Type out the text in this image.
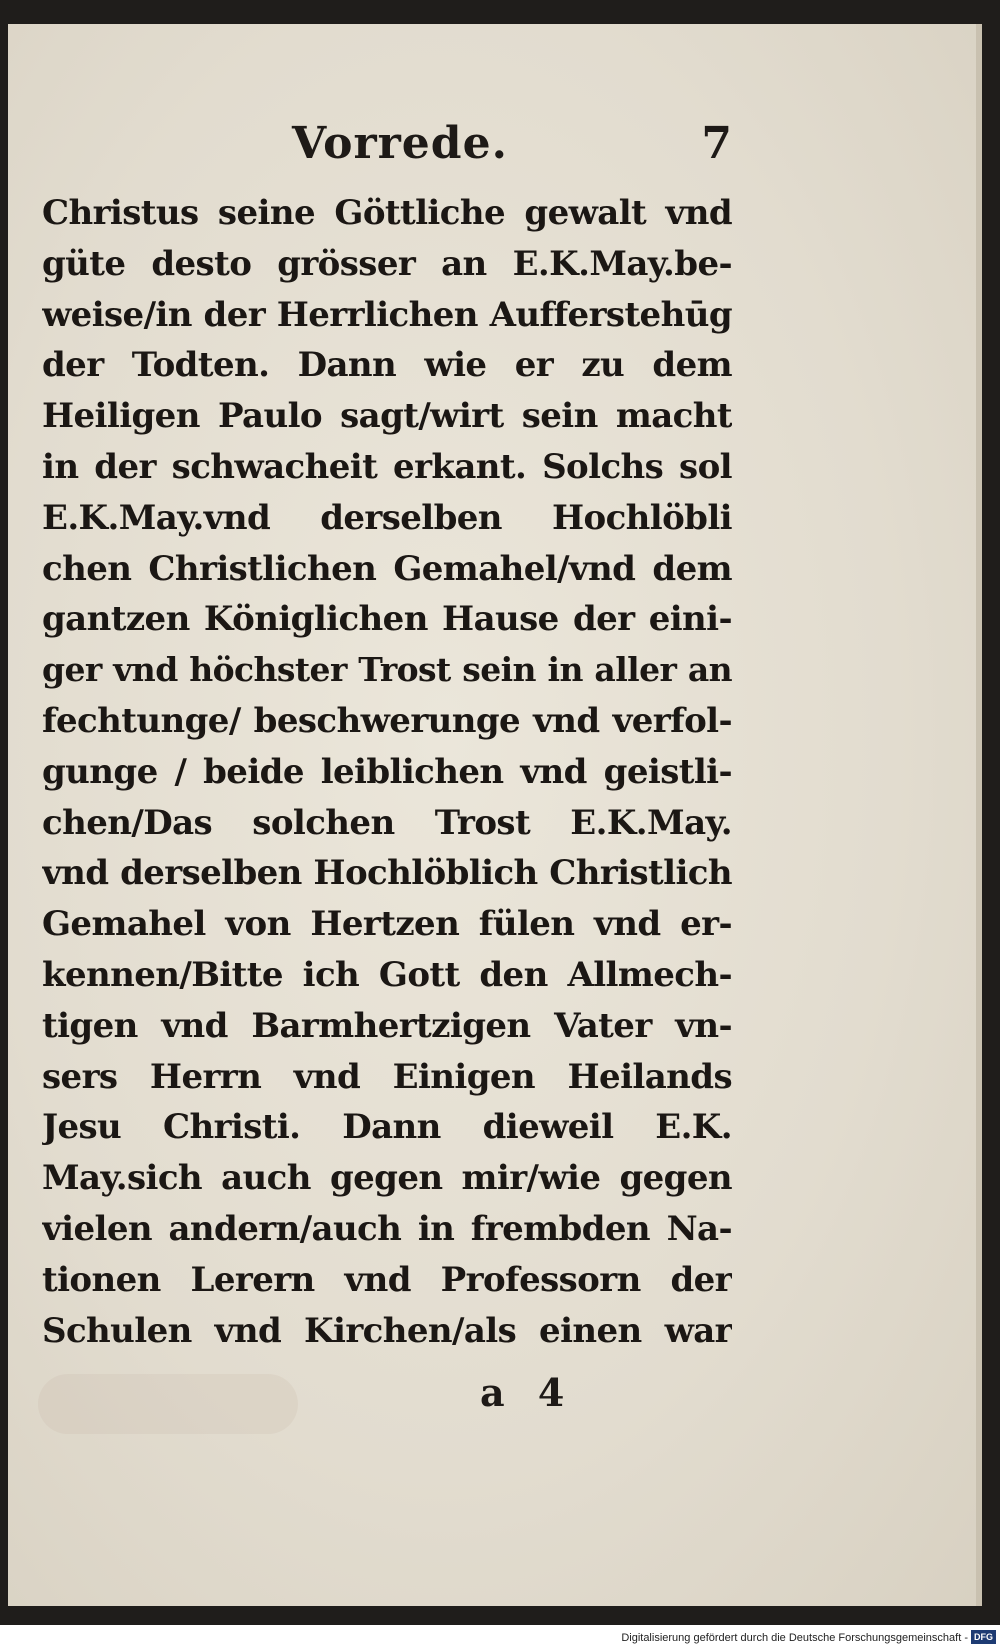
Vorrede.	7
Christus seine Göttliche gewalt vnd
güte desto grösser an E.K.May.be-
weise/in der Herrlichen Aufferstehūg
der Todten. Dann wie er zu dem
Heiligen Paulo sagt/wirt sein macht
in der schwacheit erkant. Solchs sol
E.K.May.vnd derselben Hochlöbli
chen Christlichen Gemahel/vnd dem
gantzen Königlichen Hause der eini-
ger vnd höchster Trost sein in aller an
fechtunge/ beschwerunge vnd verfol-
gunge / beide leiblichen vnd geistli-
chen/Das solchen Trost E.K.May.
vnd derselben Hochlöblich Christlich
Gemahel von Hertzen fülen vnd er-
kennen/Bitte ich Gott den Allmech-
tigen vnd Barmhertzigen Vater vn-
sers Herrn vnd Einigen Heilands
Jesu Christi. Dann dieweil E.K.
May.sich auch gegen mir/wie gegen
vielen andern/auch in frembden Na-
tionen Lerern vnd Professorn der
Schulen vnd Kirchen/als einen war
a 4
Digitalisierung gefördert durch die Deutsche Forschungsgemeinschaft - DFG
